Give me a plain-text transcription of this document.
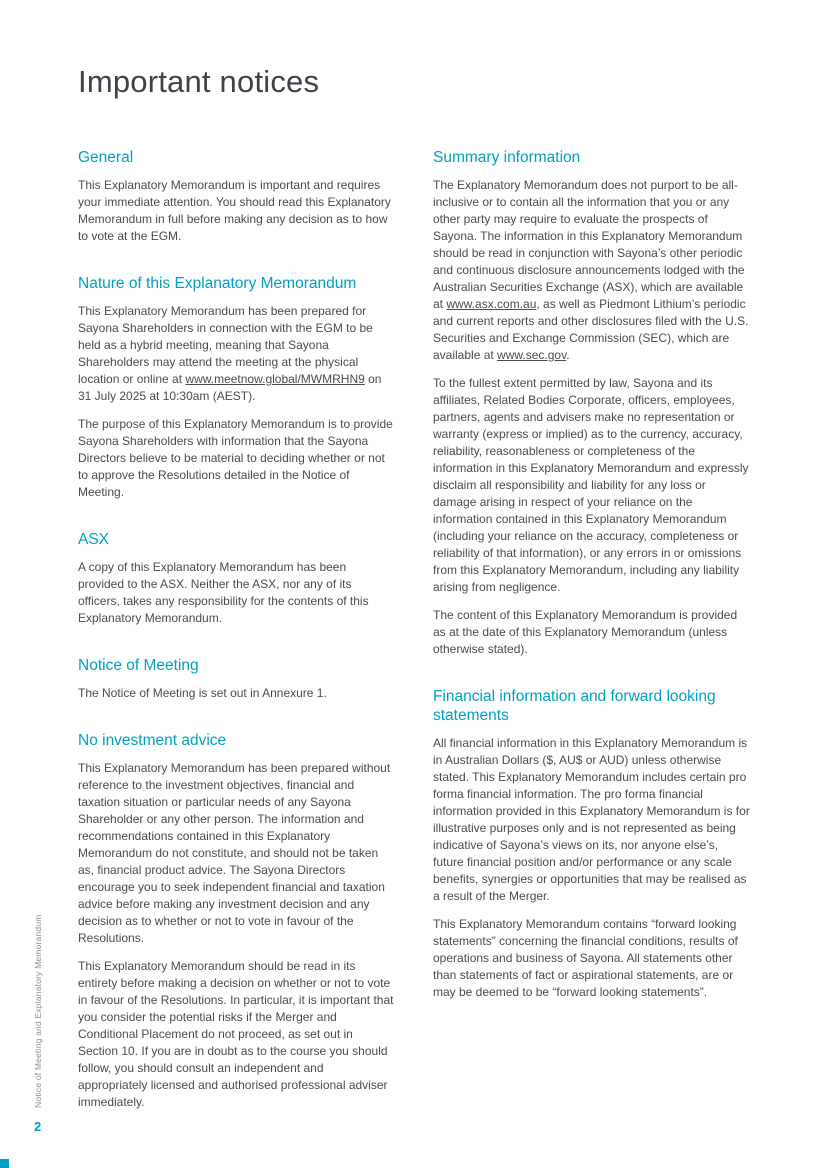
Notice of Meeting and Explanatory Memorandum
Important notices
General

This Explanatory Memorandum is important and requires your immediate attention. You should read this Explanatory Memorandum in full before making any decision as to how to vote at the EGM.

Nature of this Explanatory Memorandum

This Explanatory Memorandum has been prepared for Sayona Shareholders in connection with the EGM to be held as a hybrid meeting, meaning that Sayona Shareholders may attend the meeting at the physical location or online at www.meetnow.global/MWMRHN9 on 31 July 2025 at 10:30am (AEST).

The purpose of this Explanatory Memorandum is to provide Sayona Shareholders with information that the Sayona Directors believe to be material to deciding whether or not to approve the Resolutions detailed in the Notice of Meeting.

ASX

A copy of this Explanatory Memorandum has been provided to the ASX. Neither the ASX, nor any of its officers, takes any responsibility for the contents of this Explanatory Memorandum.

Notice of Meeting

The Notice of Meeting is set out in Annexure 1.

No investment advice

This Explanatory Memorandum has been prepared without reference to the investment objectives, financial and taxation situation or particular needs of any Sayona Shareholder or any other person. The information and recommendations contained in this Explanatory Memorandum do not constitute, and should not be taken as, financial product advice. The Sayona Directors encourage you to seek independent financial and taxation advice before making any investment decision and any decision as to whether or not to vote in favour of the Resolutions.

This Explanatory Memorandum should be read in its entirety before making a decision on whether or not to vote in favour of the Resolutions. In particular, it is important that you consider the potential risks if the Merger and Conditional Placement do not proceed, as set out in Section 10. If you are in doubt as to the course you should follow, you should consult an independent and appropriately licensed and authorised professional adviser immediately.

Summary information

The Explanatory Memorandum does not purport to be all-inclusive or to contain all the information that you or any other party may require to evaluate the prospects of Sayona. The information in this Explanatory Memorandum should be read in conjunction with Sayona’s other periodic and continuous disclosure announcements lodged with the Australian Securities Exchange (ASX), which are available at www.asx.com.au, as well as Piedmont Lithium’s periodic and current reports and other disclosures filed with the U.S. Securities and Exchange Commission (SEC), which are available at www.sec.gov.

To the fullest extent permitted by law, Sayona and its affiliates, Related Bodies Corporate, officers, employees, partners, agents and advisers make no representation or warranty (express or implied) as to the currency, accuracy, reliability, reasonableness or completeness of the information in this Explanatory Memorandum and expressly disclaim all responsibility and liability for any loss or damage arising in respect of your reliance on the information contained in this Explanatory Memorandum (including your reliance on the accuracy, completeness or reliability of that information), or any errors in or omissions from this Explanatory Memorandum, including any liability arising from negligence.

The content of this Explanatory Memorandum is provided as at the date of this Explanatory Memorandum (unless otherwise stated).

Financial information and forward looking statements

All financial information in this Explanatory Memorandum is in Australian Dollars ($, AU$ or AUD) unless otherwise stated. This Explanatory Memorandum includes certain pro forma financial information. The pro forma financial information provided in this Explanatory Memorandum is for illustrative purposes only and is not represented as being indicative of Sayona’s views on its, nor anyone else’s, future financial position and/or performance or any scale benefits, synergies or opportunities that may be realised as a result of the Merger.

This Explanatory Memorandum contains “forward looking statements” concerning the financial conditions, results of operations and business of Sayona. All statements other than statements of fact or aspirational statements, are or may be deemed to be “forward looking statements”.

2
